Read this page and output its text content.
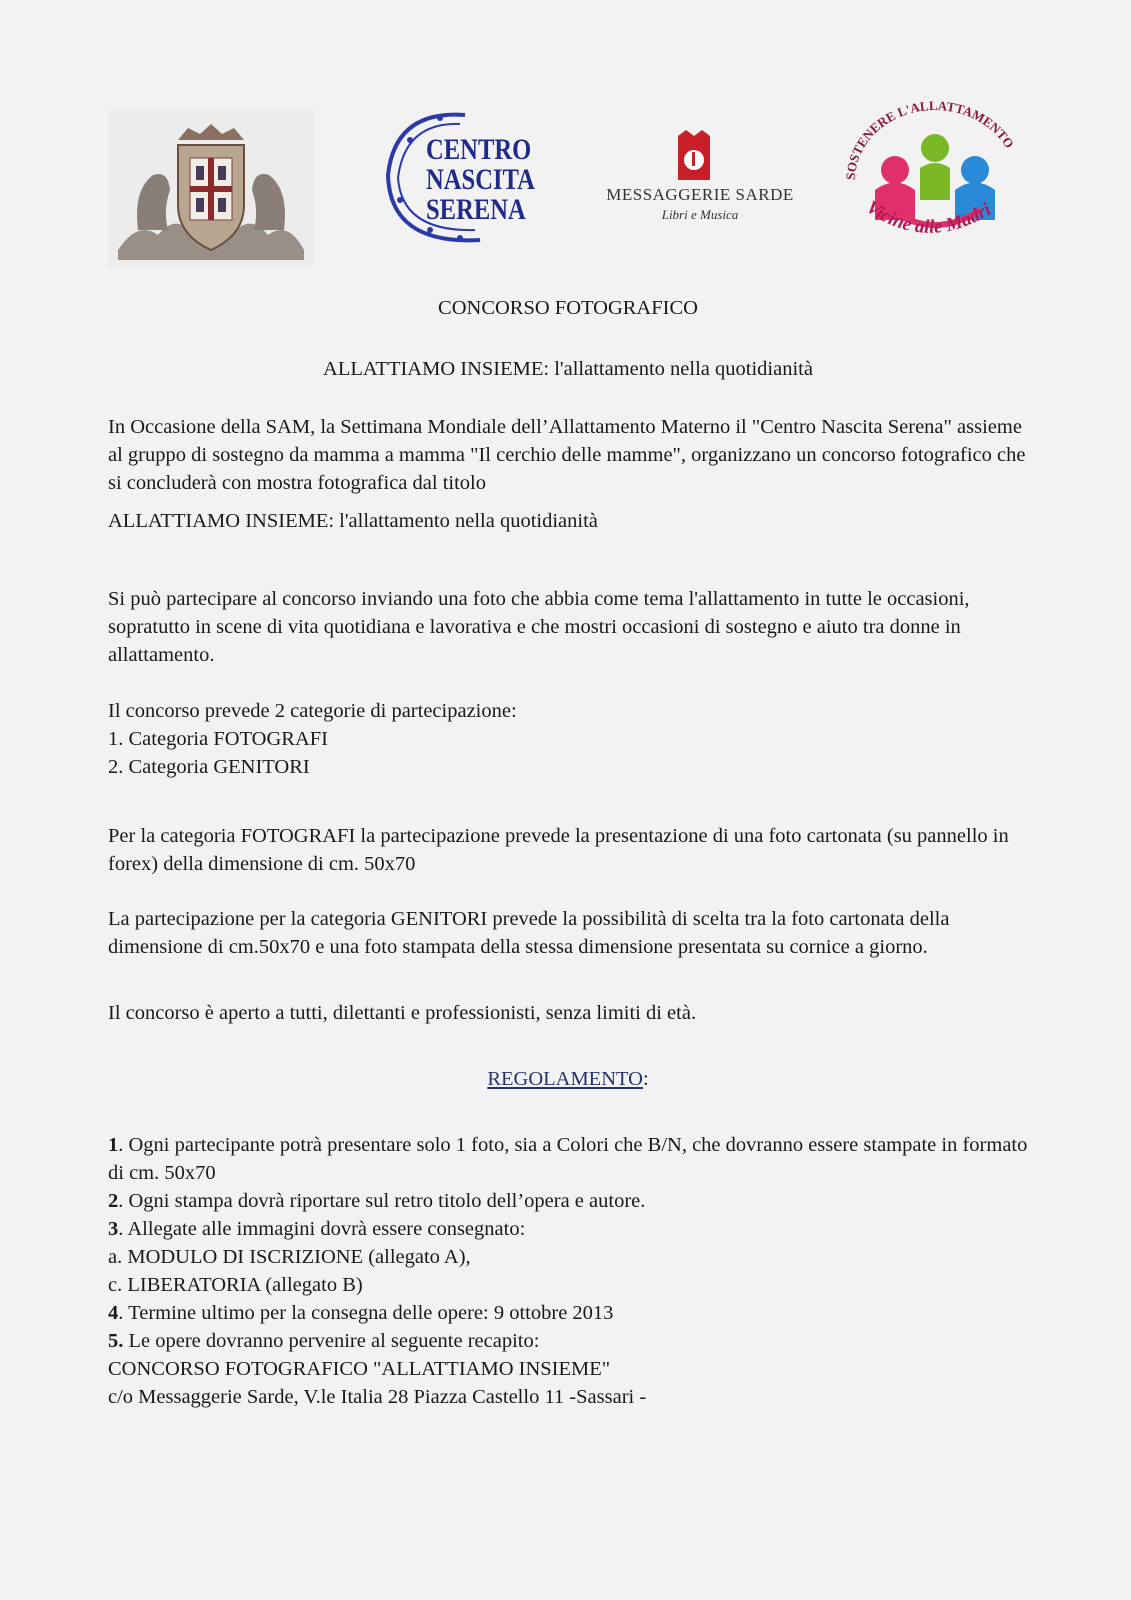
CENTRO
NASCITA
SERENA	MESSAGGERIE SARDE
Libri e Musica
SOSTENERE L'ALLATTAMENTO
Vicine alle Madri

CONCORSO FOTOGRAFICO

ALLATTIAMO INSIEME: l'allattamento nella quotidianità

In Occasione della SAM, la Settimana Mondiale dell’Allattamento Materno il "Centro Nascita Serena" assieme al gruppo di sostegno da mamma a mamma "Il cerchio delle mamme", organizzano un concorso fotografico che si concluderà con mostra fotografica dal titolo

ALLATTIAMO INSIEME: l'allattamento nella quotidianità

Si può partecipare al concorso inviando una foto che abbia come tema l'allattamento in tutte le occasioni, sopratutto in scene di vita quotidiana e lavorativa e che mostri occasioni di sostegno e aiuto tra donne in allattamento.

Il concorso prevede 2 categorie di partecipazione:

1. Categoria FOTOGRAFI

2. Categoria GENITORI

Per la categoria FOTOGRAFI la partecipazione prevede la presentazione di una foto cartonata (su pannello in forex) della dimensione di cm. 50x70

La partecipazione per la categoria GENITORI prevede la possibilità di scelta tra la foto cartonata della dimensione di cm.50x70 e una foto stampata della stessa dimensione presentata su cornice a giorno.

Il concorso è aperto a tutti, dilettanti e professionisti, senza limiti di età.

REGOLAMENTO:

1. Ogni partecipante potrà presentare solo 1 foto, sia a Colori che B/N, che dovranno essere stampate in formato di cm. 50x70

2. Ogni stampa dovrà riportare sul retro titolo dell’opera e autore.

3. Allegate alle immagini dovrà essere consegnato:

a. MODULO DI ISCRIZIONE (allegato A),

c. LIBERATORIA (allegato B)

4. Termine ultimo per la consegna delle opere: 9 ottobre 2013

5. Le opere dovranno pervenire al seguente recapito:

CONCORSO FOTOGRAFICO "ALLATTIAMO INSIEME"

c/o Messaggerie Sarde, V.le Italia 28 Piazza Castello 11 -Sassari -
